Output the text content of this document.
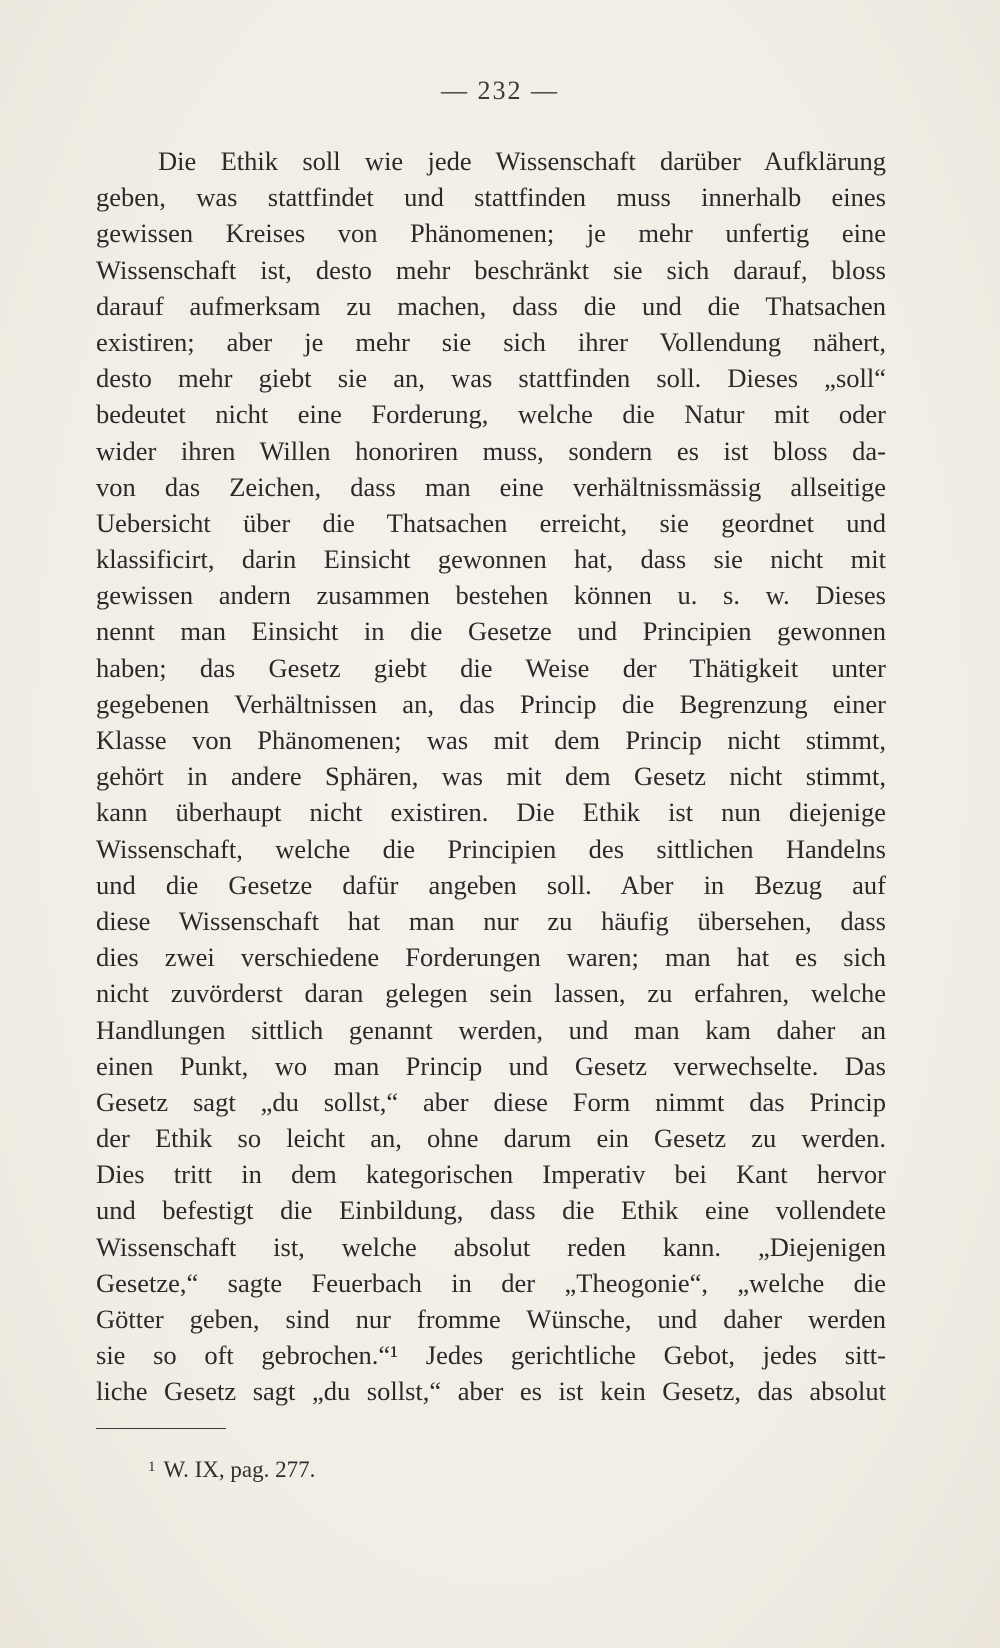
— 232 —
Die Ethik soll wie jede Wissenschaft darüber Aufklärung
geben, was stattfindet und stattfinden muss innerhalb eines
gewissen Kreises von Phänomenen; je mehr unfertig eine
Wissenschaft ist, desto mehr beschränkt sie sich darauf, bloss
darauf aufmerksam zu machen, dass die und die Thatsachen
existiren; aber je mehr sie sich ihrer Vollendung nähert,
desto mehr giebt sie an, was stattfinden soll. Dieses „soll“
bedeutet nicht eine Forderung, welche die Natur mit oder
wider ihren Willen honoriren muss, sondern es ist bloss da-
von das Zeichen, dass man eine verhältnissmässig allseitige
Uebersicht über die Thatsachen erreicht, sie geordnet und
klassificirt, darin Einsicht gewonnen hat, dass sie nicht mit
gewissen andern zusammen bestehen können u. s. w. Dieses
nennt man Einsicht in die Gesetze und Principien gewonnen
haben; das Gesetz giebt die Weise der Thätigkeit unter
gegebenen Verhältnissen an, das Princip die Begrenzung einer
Klasse von Phänomenen; was mit dem Princip nicht stimmt,
gehört in andere Sphären, was mit dem Gesetz nicht stimmt,
kann überhaupt nicht existiren. Die Ethik ist nun diejenige
Wissenschaft, welche die Principien des sittlichen Handelns
und die Gesetze dafür angeben soll. Aber in Bezug auf
diese Wissenschaft hat man nur zu häufig übersehen, dass
dies zwei verschiedene Forderungen waren; man hat es sich
nicht zuvörderst daran gelegen sein lassen, zu erfahren, welche
Handlungen sittlich genannt werden, und man kam daher an
einen Punkt, wo man Princip und Gesetz verwechselte. Das
Gesetz sagt „du sollst,“ aber diese Form nimmt das Princip
der Ethik so leicht an, ohne darum ein Gesetz zu werden.
Dies tritt in dem kategorischen Imperativ bei Kant hervor
und befestigt die Einbildung, dass die Ethik eine vollendete
Wissenschaft ist, welche absolut reden kann. „Diejenigen
Gesetze,“ sagte Feuerbach in der „Theogonie“, „welche die
Götter geben, sind nur fromme Wünsche, und daher werden
sie so oft gebrochen.“¹ Jedes gerichtliche Gebot, jedes sitt-
liche Gesetz sagt „du sollst,“ aber es ist kein Gesetz, das absolut
$^1$ W. IX, pag. 277.
